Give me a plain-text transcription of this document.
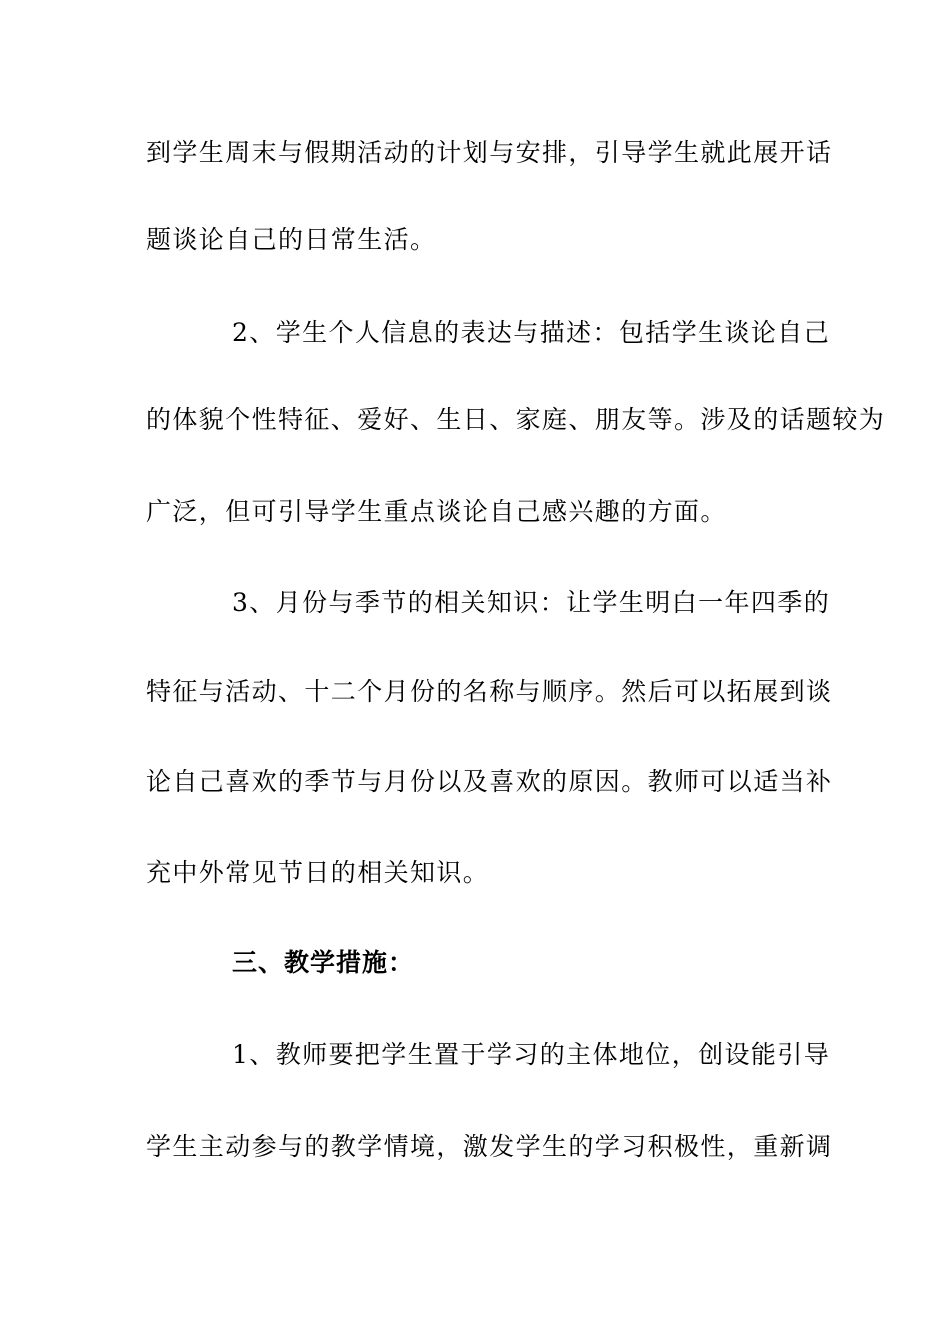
到学生周末与假期活动的计划与安排，引导学生就此展开话
题谈论自己的日常生活。
2、学生个人信息的表达与描述：包括学生谈论自己
的体貌个性特征、爱好、生日、家庭、朋友等。涉及的话题较为
广泛，但可引导学生重点谈论自己感兴趣的方面。
3、月份与季节的相关知识：让学生明白一年四季的
特征与活动、十二个月份的名称与顺序。然后可以拓展到谈
论自己喜欢的季节与月份以及喜欢的原因。教师可以适当补
充中外常见节日的相关知识。
三、教学措施：
1、教师要把学生置于学习的主体地位，创设能引导
学生主动参与的教学情境，激发学生的学习积极性，重新调
